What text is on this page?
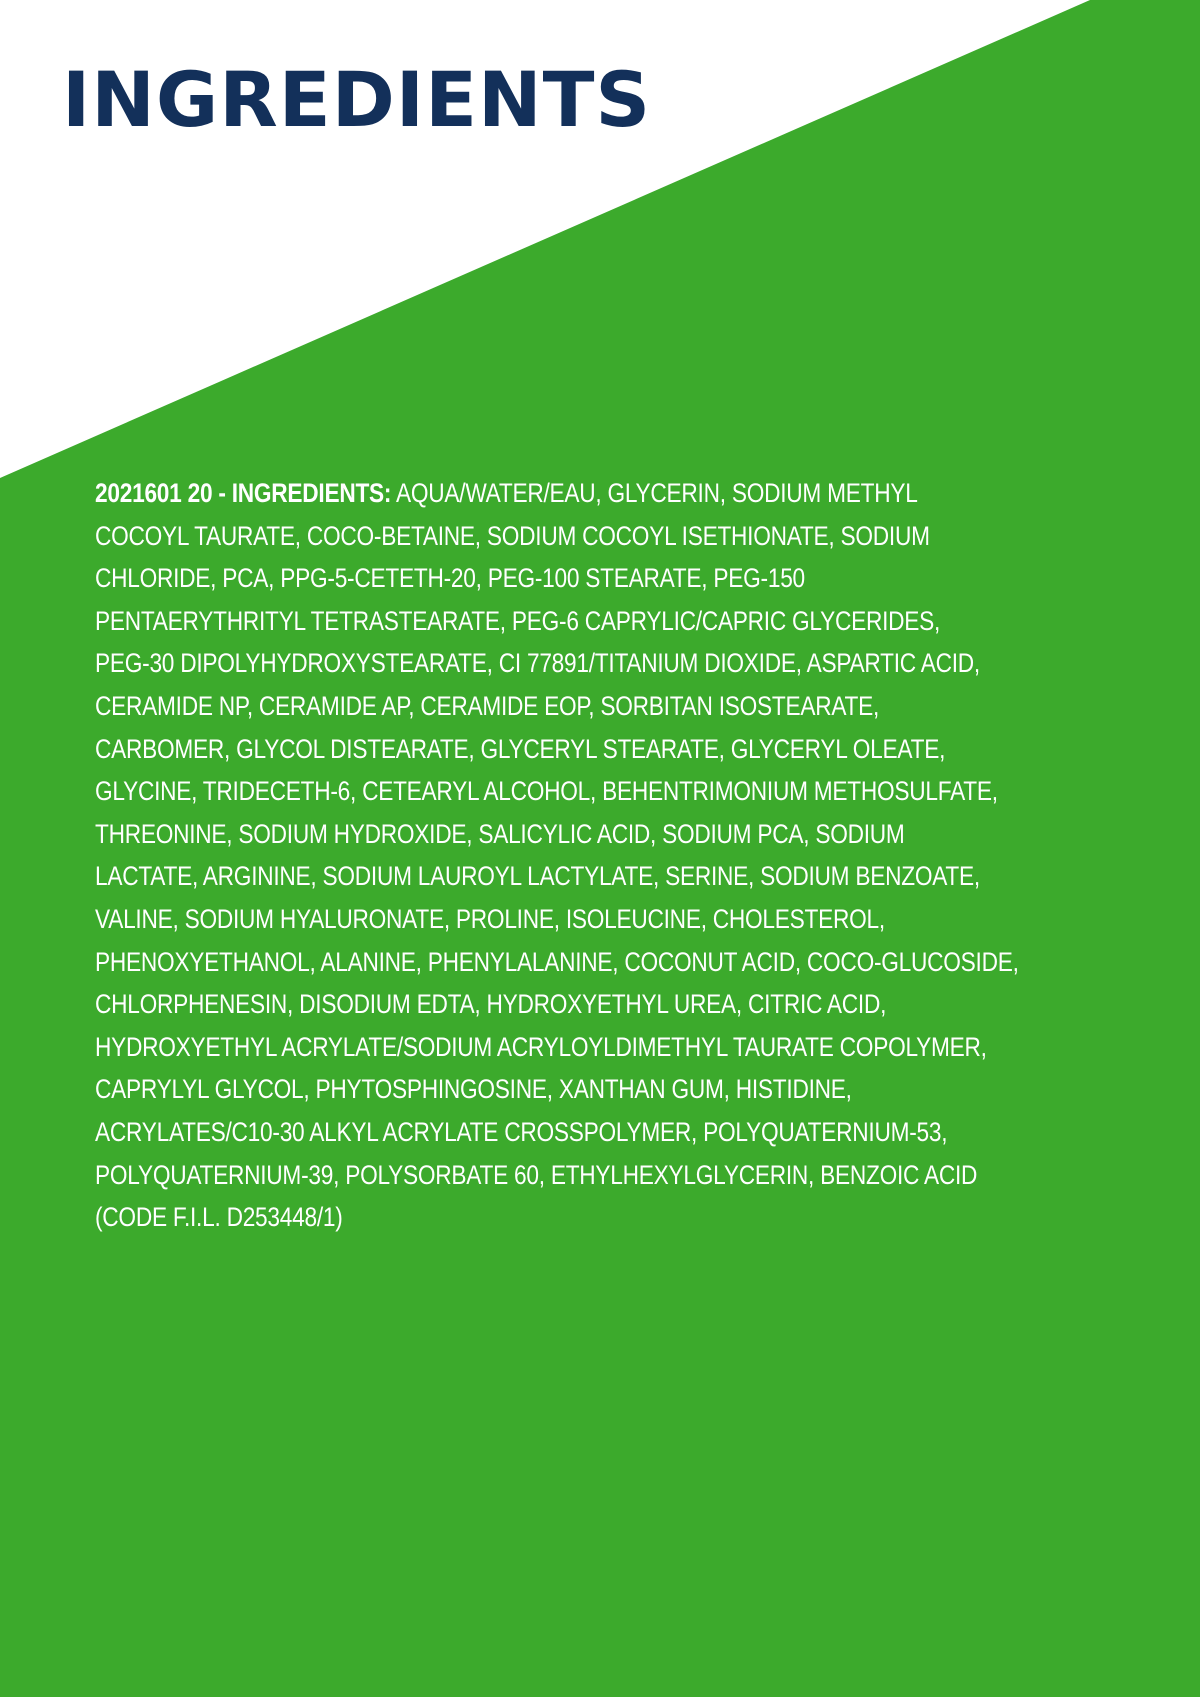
INGREDIENTS
2021601 20 - INGREDIENTS: AQUA/WATER/EAU, GLYCERIN, SODIUM METHYL
COCOYL TAURATE, COCO-BETAINE, SODIUM COCOYL ISETHIONATE, SODIUM
CHLORIDE, PCA, PPG-5-CETETH-20, PEG-100 STEARATE, PEG-150
PENTAERYTHRITYL TETRASTEARATE, PEG-6 CAPRYLIC/CAPRIC GLYCERIDES,
PEG-30 DIPOLYHYDROXYSTEARATE, CI 77891/TITANIUM DIOXIDE, ASPARTIC ACID,
CERAMIDE NP, CERAMIDE AP, CERAMIDE EOP, SORBITAN ISOSTEARATE,
CARBOMER, GLYCOL DISTEARATE, GLYCERYL STEARATE, GLYCERYL OLEATE,
GLYCINE, TRIDECETH-6, CETEARYL ALCOHOL, BEHENTRIMONIUM METHOSULFATE,
THREONINE, SODIUM HYDROXIDE, SALICYLIC ACID, SODIUM PCA, SODIUM
LACTATE, ARGININE, SODIUM LAUROYL LACTYLATE, SERINE, SODIUM BENZOATE,
VALINE, SODIUM HYALURONATE, PROLINE, ISOLEUCINE, CHOLESTEROL,
PHENOXYETHANOL, ALANINE, PHENYLALANINE, COCONUT ACID, COCO-GLUCOSIDE,
CHLORPHENESIN, DISODIUM EDTA, HYDROXYETHYL UREA, CITRIC ACID,
HYDROXYETHYL ACRYLATE/SODIUM ACRYLOYLDIMETHYL TAURATE COPOLYMER,
CAPRYLYL GLYCOL, PHYTOSPHINGOSINE, XANTHAN GUM, HISTIDINE,
ACRYLATES/C10-30 ALKYL ACRYLATE CROSSPOLYMER, POLYQUATERNIUM-53,
POLYQUATERNIUM-39, POLYSORBATE 60, ETHYLHEXYLGLYCERIN, BENZOIC ACID
(CODE F.I.L. D253448/1)
